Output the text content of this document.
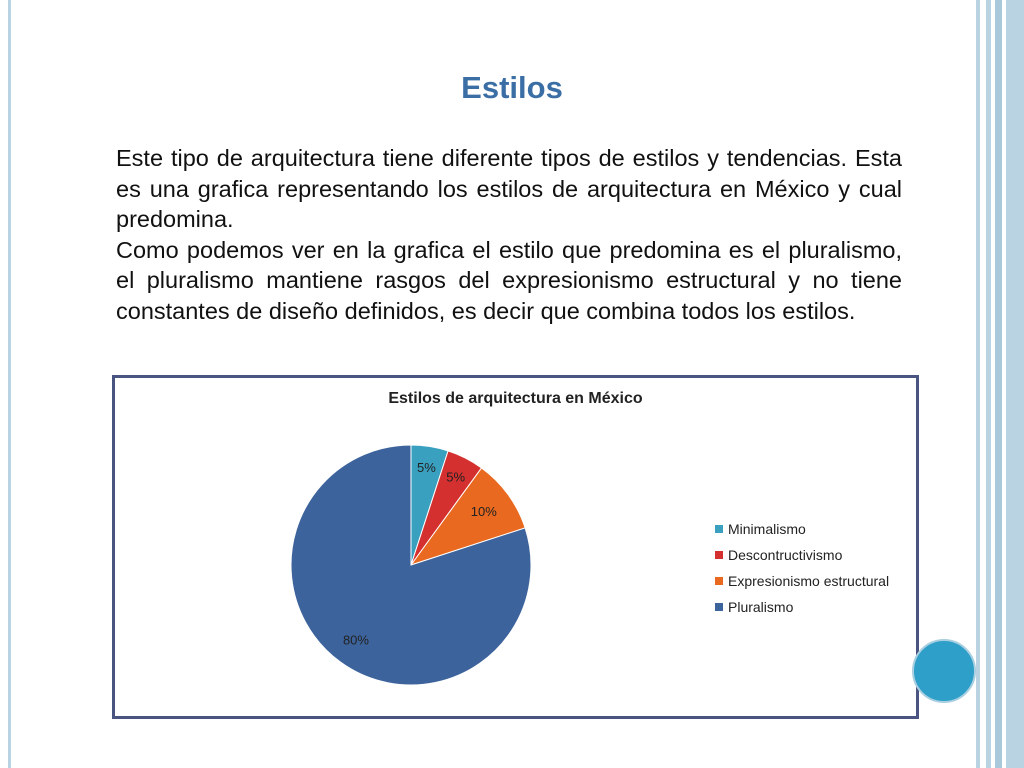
Estilos

Este tipo de arquitectura tiene diferente tipos de estilos y tendencias. Esta es una grafica representando los estilos de arquitectura en México y cual predomina.

Como podemos ver en la grafica el estilo que predomina es el pluralismo, el pluralismo mantiene rasgos del expresionismo estructural y no tiene constantes de diseño definidos, es decir que combina todos los estilos.

Estilos de arquitectura en México
5%
5%
10%
80%
Minimalismo
Descontructivismo
Expresionismo estructural
Pluralismo
